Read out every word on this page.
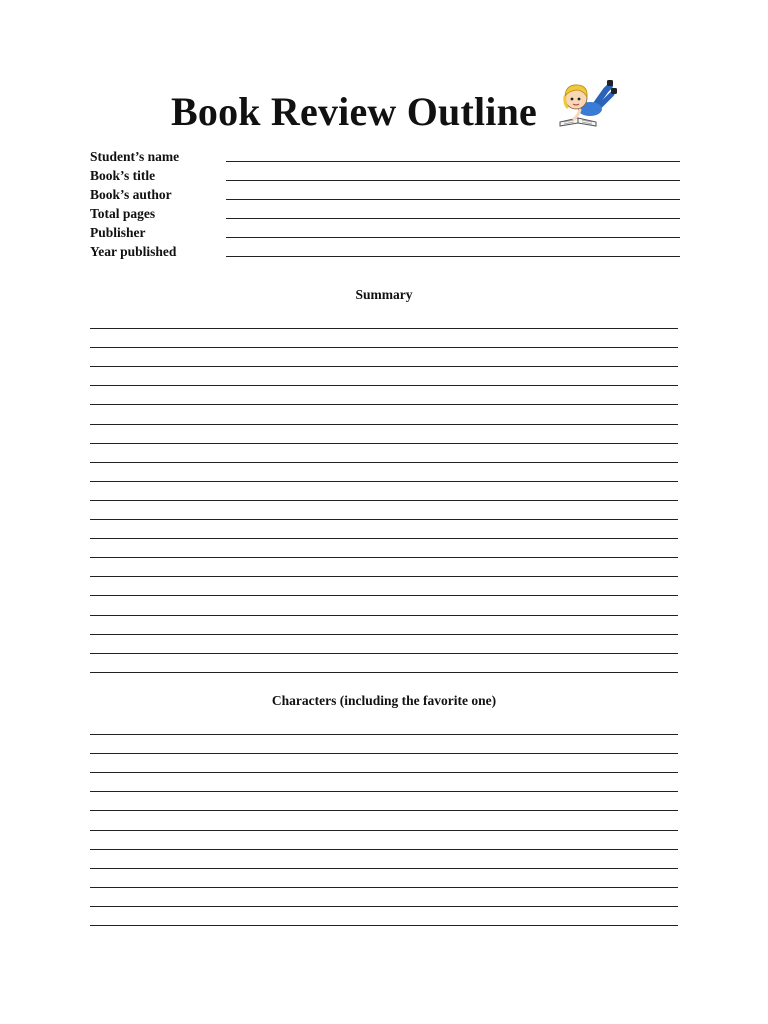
Book Review Outline
Student’s name
Book’s title
Book’s author
Total pages
Publisher
Year published
Summary
Characters (including the favorite one)
